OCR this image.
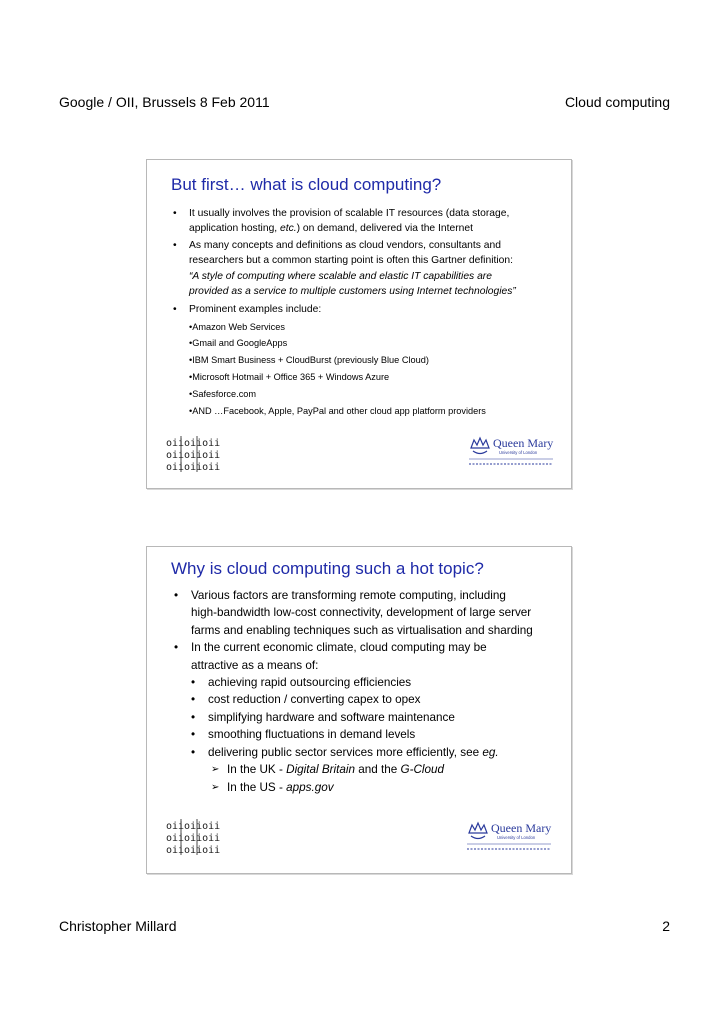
Google / OII, Brussels 8 Feb 2011	Cloud computing
But first… what is cloud computing?
• It usually involves the provision of scalable IT resources (data storage,
application hosting, etc.) on demand, delivered via the Internet
• As many concepts and definitions as cloud vendors, consultants and
researchers but a common starting point is often this Gartner definition:
“A style of computing where scalable and elastic IT capabilities are
provided as a service to multiple customers using Internet technologies”
• Prominent examples include:
•Amazon Web Services
•Gmail and GoogleApps
•IBM Smart Business + CloudBurst (previously Blue Cloud)
•Microsoft Hotmail + Office 365 + Windows Azure
•Safesforce.com
•AND …Facebook, Apple, PayPal and other cloud app platform providers
oiioiioii
oiioiioii
oiioiioii
Queen Mary
University of London
Why is cloud computing such a hot topic?
• Various factors are transforming remote computing, including
high-bandwidth low-cost connectivity, development of large server
farms and enabling techniques such as virtualisation and sharding
• In the current economic climate, cloud computing may be
attractive as a means of:
• achieving rapid outsourcing efficiencies
• cost reduction / converting capex to opex
• simplifying hardware and software maintenance
• smoothing fluctuations in demand levels
• delivering public sector services more efficiently, see eg.
➢ In the UK - Digital Britain and the G-Cloud
➢ In the US - apps.gov
oiioiioii
oiioiioii
oiioiioii
Queen Mary
University of London
Christopher Millard	2
